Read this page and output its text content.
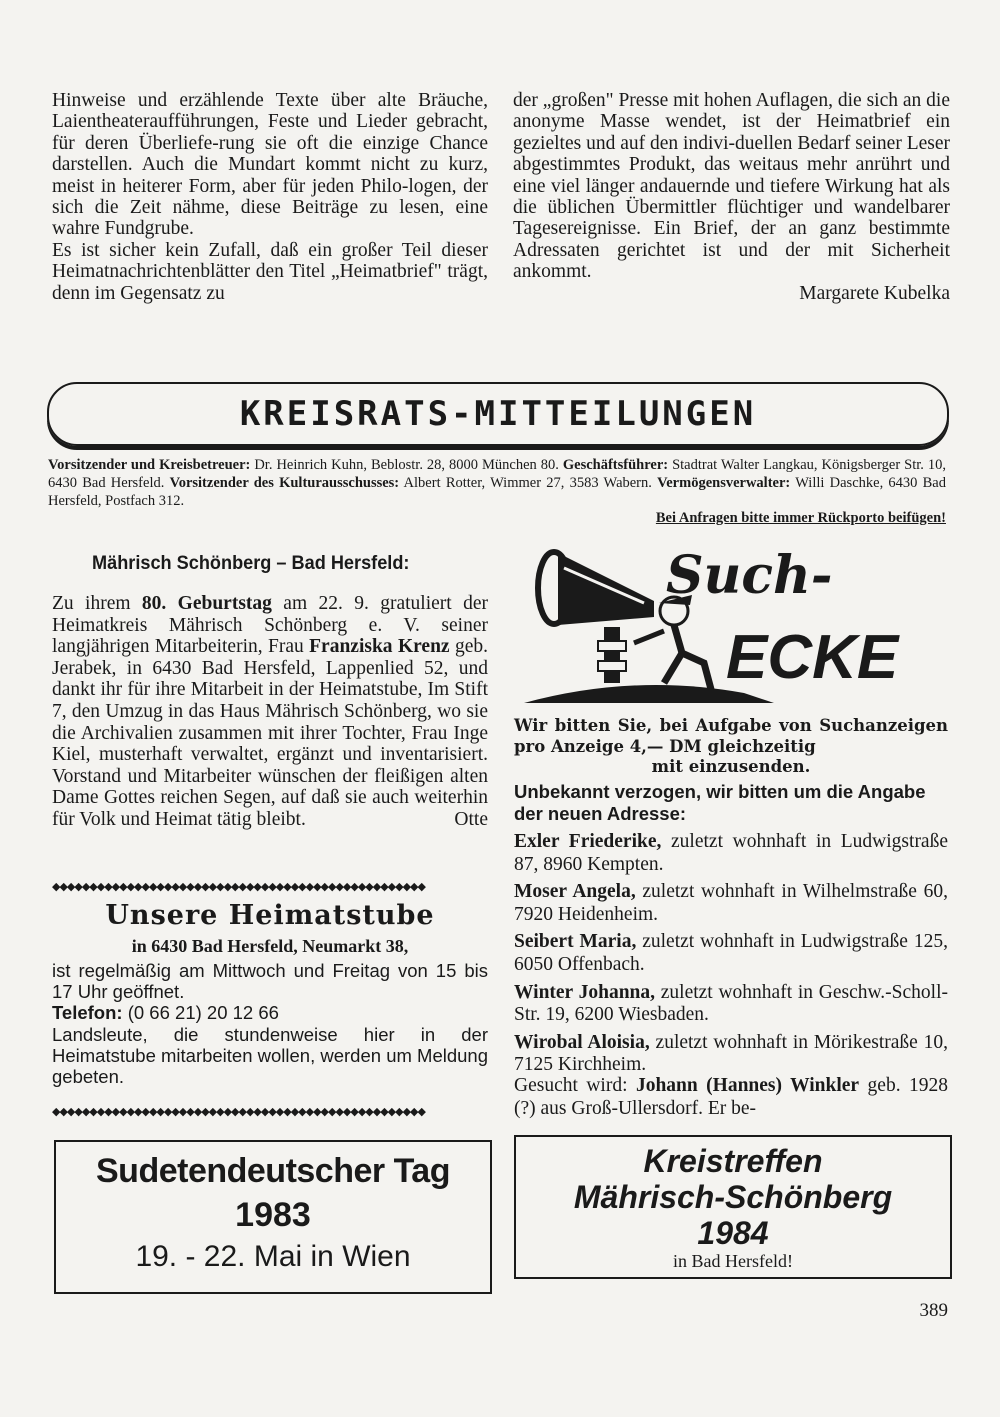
Hinweise und erzählende Texte über alte Bräuche, Laientheateraufführungen, Feste und Lieder gebracht, für deren Überliefe-rung sie oft die einzige Chance darstellen. Auch die Mundart kommt nicht zu kurz, meist in heiterer Form, aber für jeden Philo-logen, der sich die Zeit nähme, diese Beiträge zu lesen, eine wahre Fundgrube.

Es ist sicher kein Zufall, daß ein großer Teil dieser Heimatnachrichtenblätter den Titel „Heimatbrief" trägt, denn im Gegensatz zu

der „großen" Presse mit hohen Auflagen, die sich an die anonyme Masse wendet, ist der Heimatbrief ein gezieltes und auf den indivi-duellen Bedarf seiner Leser abgestimmtes Produkt, das weitaus mehr anrührt und eine viel länger andauernde und tiefere Wirkung hat als die üblichen Übermittler flüchtiger und wandelbarer Tagesereignisse. Ein Brief, der an ganz bestimmte Adressaten gerichtet ist und der mit Sicherheit ankommt.

Margarete Kubelka

KREISRATS-MITTEILUNGEN
Vorsitzender und Kreisbetreuer: Dr. Heinrich Kuhn, Beblostr. 28, 8000 München 80. Geschäftsführer: Stadtrat Walter Langkau, Königsberger Str. 10, 6430 Bad Hersfeld. Vorsitzender des Kulturausschusses: Albert Rotter, Wimmer 27, 3583 Wabern. Vermögensverwalter: Willi Daschke, 6430 Bad Hersfeld, Postfach 312.
Bei Anfragen bitte immer Rückporto beifügen!
Mährisch Schönberg – Bad Hersfeld:

Zu ihrem 80. Geburtstag am 22. 9. gratuliert der Heimatkreis Mährisch Schönberg e. V. seiner langjährigen Mitarbeiterin, Frau Franziska Krenz geb. Jerabek, in 6430 Bad Hersfeld, Lappenlied 52, und dankt ihr für ihre Mitarbeit in der Heimatstube, Im Stift 7, den Umzug in das Haus Mährisch Schönberg, wo sie die Archivalien zusammen mit ihrer Tochter, Frau Inge Kiel, musterhaft verwaltet, ergänzt und inventarisiert. Vorstand und Mitarbeiter wünschen der fleißigen alten Dame Gottes reichen Segen, auf daß sie auch weiterhin für Volk und Heimat tätig bleibt.	Otte

◆◆◆◆◆◆◆◆◆◆◆◆◆◆◆◆◆◆◆◆◆◆◆◆◆◆◆◆◆◆◆◆◆◆◆◆◆◆◆◆◆◆◆◆◆◆◆◆◆◆
Unsere Heimatstube
in 6430 Bad Hersfeld, Neumarkt 38,

ist regelmäßig am Mittwoch und Freitag von 15 bis 17 Uhr geöffnet.

Telefon: (0 66 21) 20 12 66

Landsleute, die stundenweise hier in der Heimatstube mitarbeiten wollen, werden um Meldung gebeten.

◆◆◆◆◆◆◆◆◆◆◆◆◆◆◆◆◆◆◆◆◆◆◆◆◆◆◆◆◆◆◆◆◆◆◆◆◆◆◆◆◆◆◆◆◆◆◆◆◆◆
Sudetendeutscher Tag
1983
19. - 22. Mai in Wien
Such-
ECKE

Wir bitten Sie, bei Aufgabe von Suchanzeigen pro Anzeige 4,— DM gleichzeitig

mit einzusenden.

Unbekannt verzogen, wir bitten um die Angabe der neuen Adresse:

Exler Friederike, zuletzt wohnhaft in Ludwigstraße 87, 8960 Kempten.

Moser Angela, zuletzt wohnhaft in Wilhelmstraße 60, 7920 Heidenheim.

Seibert Maria, zuletzt wohnhaft in Ludwigstraße 125, 6050 Offenbach.

Winter Johanna, zuletzt wohnhaft in Geschw.-Scholl-Str. 19, 6200 Wiesbaden.

Wirobal Aloisia, zuletzt wohnhaft in Mörikestraße 10, 7125 Kirchheim.

Gesucht wird: Johann (Hannes) Winkler geb. 1928 (?) aus Groß-Ullersdorf. Er be-
Kreistreffen
Mährisch-Schönberg
1984
in Bad Hersfeld!
389
